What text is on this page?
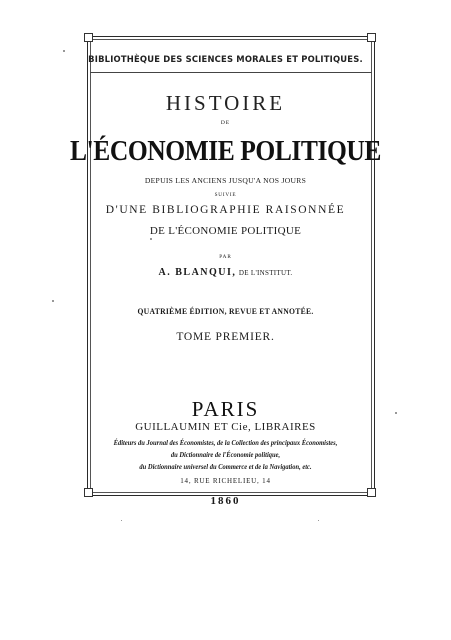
BIBLIOTHÈQUE DES SCIENCES MORALES ET POLITIQUES.
HISTOIRE
DE
L'ÉCONOMIE POLITIQUE
DEPUIS LES ANCIENS JUSQU'A NOS JOURS
SUIVIE
D'UNE BIBLIOGRAPHIE RAISONNÉE
DE L'ÉCONOMIE POLITIQUE
PAR
A. BLANQUI, DE L'INSTITUT.
QUATRIÈME ÉDITION, REVUE ET ANNOTÉE.
TOME PREMIER.
PARIS
GUILLAUMIN ET Cie, LIBRAIRES
Éditeurs du Journal des Économistes, de la Collection des principaux Économistes,
du Dictionnaire de l'Économie politique,
du Dictionnaire universel du Commerce et de la Navigation, etc.
14, RUE RICHELIEU, 14
1860
